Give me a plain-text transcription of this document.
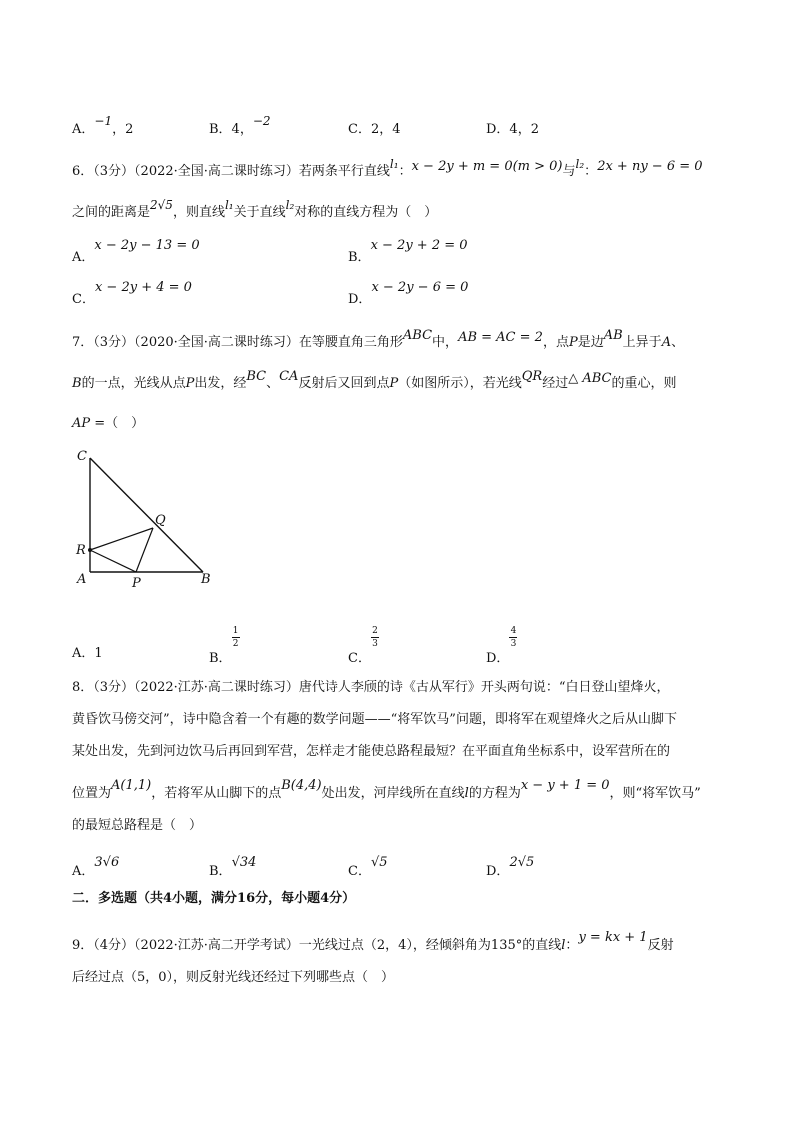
A．−1，2	B．4，−2
C．2，4	D．4，2
6．（3分）（2022·全国·高二课时练习）若两条平行直线l₁：x − 2y + m = 0(m > 0)与l₂：2x + ny − 6 = 0
之间的距离是2√5，则直线l₁关于直线l₂对称的直线方程为（　）
A．x − 2y − 13 = 0
B．x − 2y + 2 = 0
C．x − 2y + 4 = 0
D．x − 2y − 6 = 0
7．（3分）（2020·全国·高二课时练习）在等腰直角三角形ABC中，AB = AC = 2，点P是边AB上异于A、
B的一点，光线从点P出发，经BC、CA反射后又回到点P（如图所示），若光线QR经过△ ABC的重心，则
AP =（　）
C
Q
R
A	P	B
A．1	B．
$\frac{1}{2}$
C．
$\frac{2}{3}$
D．
$\frac{4}{3}$
8．（3分）（2022·江苏·高二课时练习）唐代诗人李颀的诗《古从军行》开头两句说：“白日登山望烽火，
黄昏饮马傍交河”，诗中隐含着一个有趣的数学问题——“将军饮马”问题，即将军在观望烽火之后从山脚下
某处出发，先到河边饮马后再回到军营，怎样走才能使总路程最短？在平面直角坐标系中，设军营所在的
位置为A(1,1)，若将军从山脚下的点B(4,4)处出发，河岸线所在直线l的方程为x − y + 1 = 0，则“将军饮马”
的最短总路程是（　）
A．3√6
B．√34
C．√5
D．2√5
二．多选题（共4小题，满分16分，每小题4分）
9．（4分）（2022·江苏·高二开学考试）一光线过点（2，4），经倾斜角为135°的直线l：y = kx + 1反射
后经过点（5，0），则反射光线还经过下列哪些点（　）
